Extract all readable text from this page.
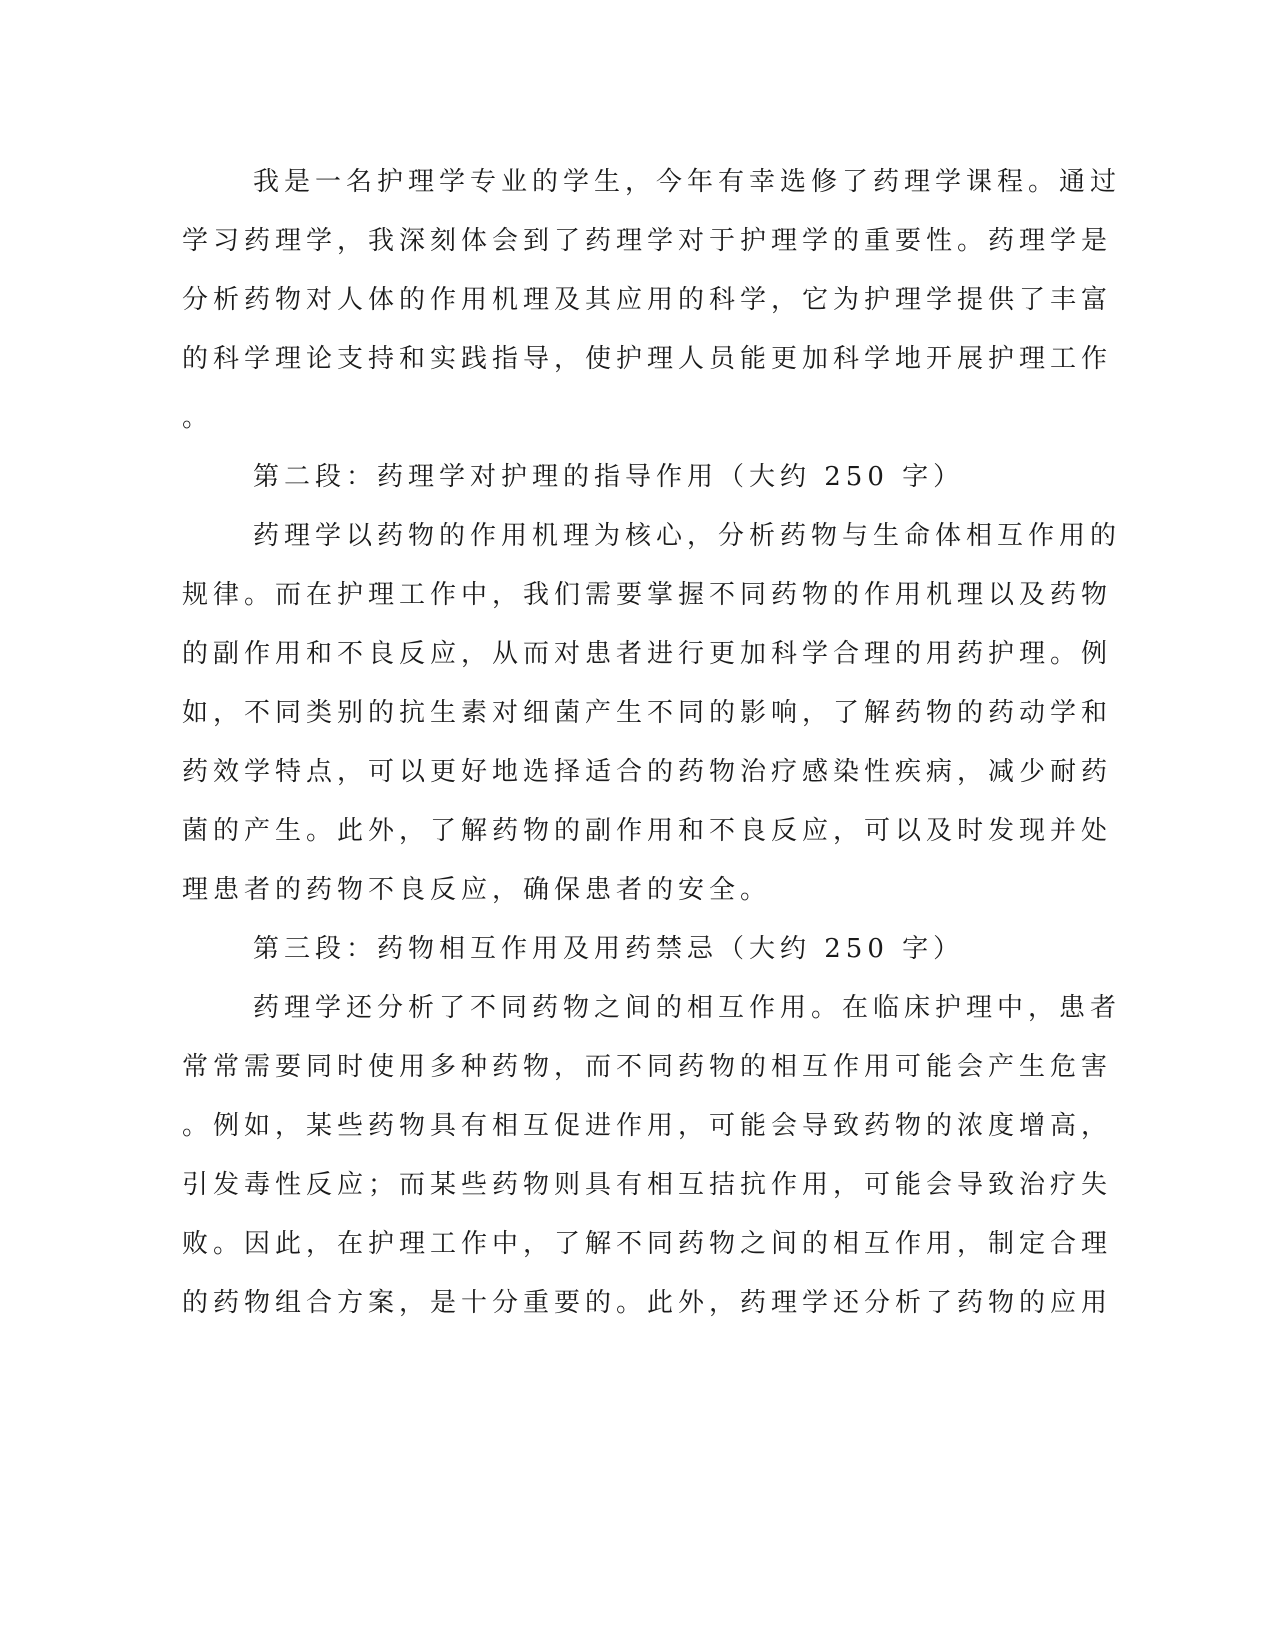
我是一名护理学专业的学生，今年有幸选修了药理学课程。通过
学习药理学，我深刻体会到了药理学对于护理学的重要性。药理学是
分析药物对人体的作用机理及其应用的科学，它为护理学提供了丰富
的科学理论支持和实践指导，使护理人员能更加科学地开展护理工作
。
第二段：药理学对护理的指导作用（大约 250 字）
药理学以药物的作用机理为核心，分析药物与生命体相互作用的
规律。而在护理工作中，我们需要掌握不同药物的作用机理以及药物
的副作用和不良反应，从而对患者进行更加科学合理的用药护理。例
如，不同类别的抗生素对细菌产生不同的影响，了解药物的药动学和
药效学特点，可以更好地选择适合的药物治疗感染性疾病，减少耐药
菌的产生。此外，了解药物的副作用和不良反应，可以及时发现并处
理患者的药物不良反应，确保患者的安全。
第三段：药物相互作用及用药禁忌（大约 250 字）
药理学还分析了不同药物之间的相互作用。在临床护理中，患者
常常需要同时使用多种药物，而不同药物的相互作用可能会产生危害
。例如，某些药物具有相互促进作用，可能会导致药物的浓度增高，
引发毒性反应；而某些药物则具有相互拮抗作用，可能会导致治疗失
败。因此，在护理工作中，了解不同药物之间的相互作用，制定合理
的药物组合方案，是十分重要的。此外，药理学还分析了药物的应用
